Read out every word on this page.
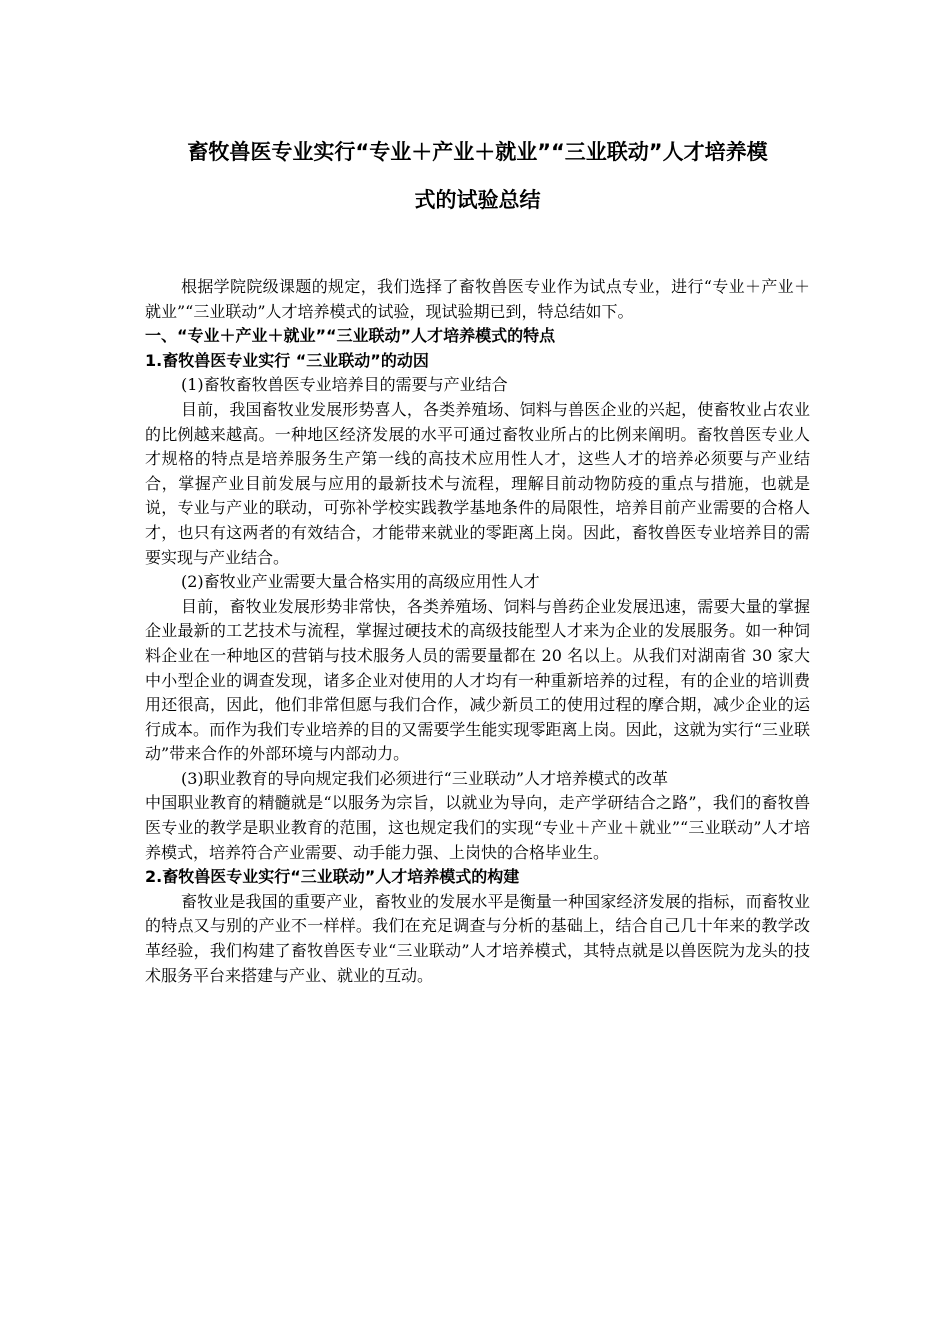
畜牧兽医专业实行“专业＋产业＋就业”“三业联动”人才培养模
式的试验总结

根据学院院级课题的规定，我们选择了畜牧兽医专业作为试点专业，进行“专业＋产业＋就业”“三业联动”人才培养模式的试验，现试验期已到，特总结如下。

一、“专业＋产业＋就业”“三业联动”人才培养模式的特点

1.畜牧兽医专业实行 “三业联动”的动因

(1)畜牧畜牧兽医专业培养目的需要与产业结合

目前，我国畜牧业发展形势喜人，各类养殖场、饲料与兽医企业的兴起，使畜牧业占农业的比例越来越高。一种地区经济发展的水平可通过畜牧业所占的比例来阐明。畜牧兽医专业人才规格的特点是培养服务生产第一线的高技术应用性人才，这些人才的培养必须要与产业结合，掌握产业目前发展与应用的最新技术与流程，理解目前动物防疫的重点与措施，也就是说，专业与产业的联动，可弥补学校实践教学基地条件的局限性，培养目前产业需要的合格人才，也只有这两者的有效结合，才能带来就业的零距离上岗。因此，畜牧兽医专业培养目的需要实现与产业结合。

(2)畜牧业产业需要大量合格实用的高级应用性人才

目前，畜牧业发展形势非常快，各类养殖场、饲料与兽药企业发展迅速，需要大量的掌握企业最新的工艺技术与流程，掌握过硬技术的高级技能型人才来为企业的发展服务。如一种饲料企业在一种地区的营销与技术服务人员的需要量都在 20 名以上。从我们对湖南省 30 家大中小型企业的调查发现，诸多企业对使用的人才均有一种重新培养的过程，有的企业的培训费用还很高，因此，他们非常但愿与我们合作，减少新员工的使用过程的摩合期，减少企业的运行成本。而作为我们专业培养的目的又需要学生能实现零距离上岗。因此，这就为实行“三业联动”带来合作的外部环境与内部动力。

(3)职业教育的导向规定我们必须进行“三业联动”人才培养模式的改革

中国职业教育的精髓就是“以服务为宗旨，以就业为导向，走产学研结合之路”，我们的畜牧兽医专业的教学是职业教育的范围，这也规定我们的实现“专业＋产业＋就业”“三业联动”人才培养模式，培养符合产业需要、动手能力强、上岗快的合格毕业生。

2.畜牧兽医专业实行“三业联动”人才培养模式的构建

畜牧业是我国的重要产业，畜牧业的发展水平是衡量一种国家经济发展的指标，而畜牧业的特点又与别的产业不一样样。我们在充足调查与分析的基础上，结合自己几十年来的教学改革经验，我们构建了畜牧兽医专业“三业联动”人才培养模式，其特点就是以兽医院为龙头的技术服务平台来搭建与产业、就业的互动。
